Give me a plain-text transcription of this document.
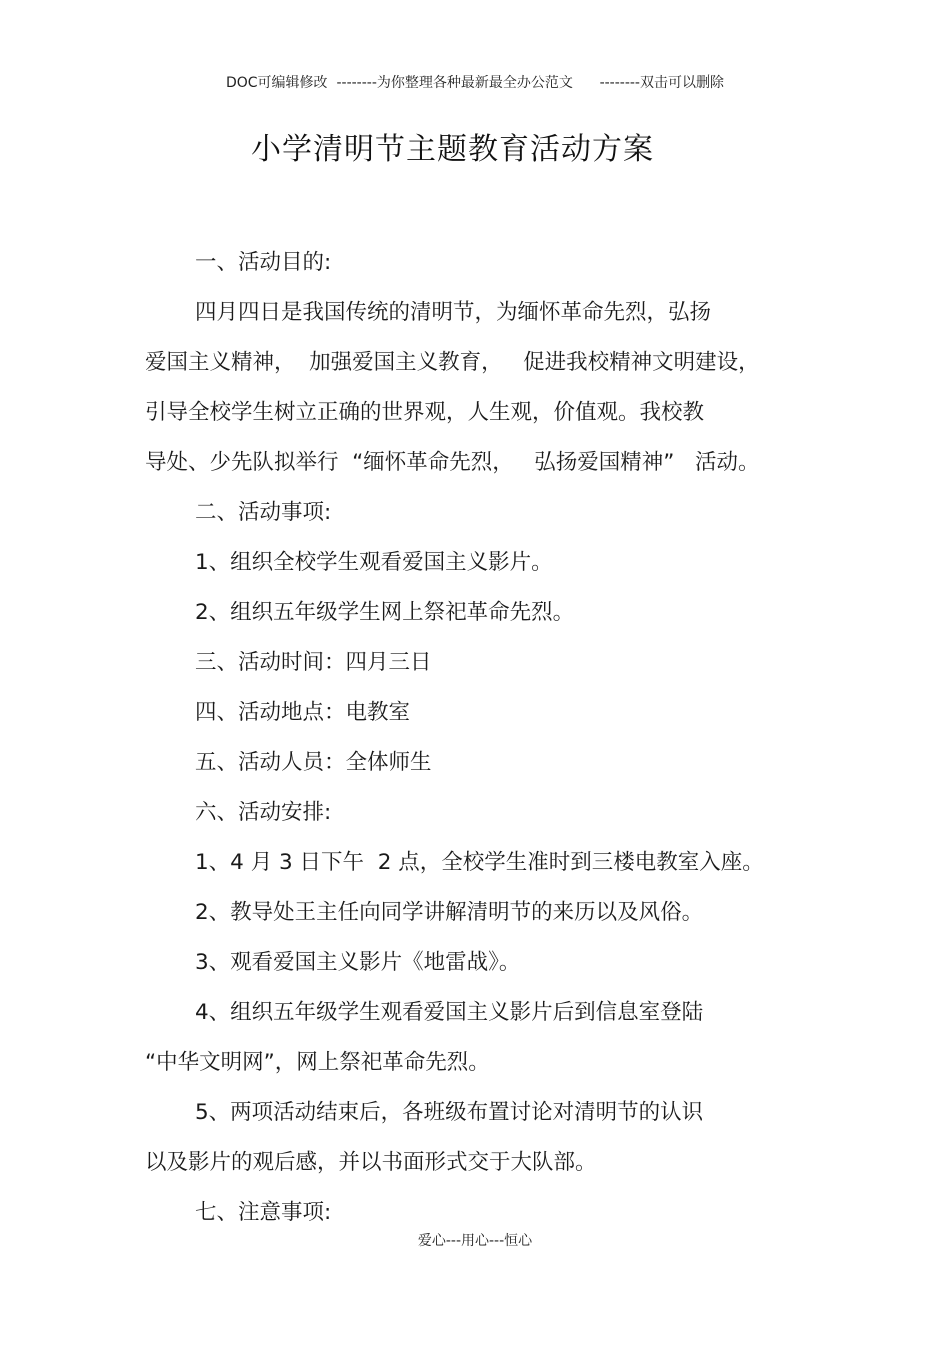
DOC可编辑修改  --------为你整理各种最新最全办公范文      --------双击可以删除
小学清明节主题教育活动方案
一、活动目的:
四月四日是我国传统的清明节，为缅怀革命先烈，弘扬
爱国主义精神，  加强爱国主义教育，   促进我校精神文明建设，
引导全校学生树立正确的世界观，人生观，价值观。我校教
导处、少先队拟举行  “缅怀革命先烈，   弘扬爱国精神”   活动。
二、活动事项:
1、组织全校学生观看爱国主义影片。
2、组织五年级学生网上祭祀革命先烈。
三、活动时间：四月三日
四、活动地点：电教室
五、活动人员：全体师生
六、活动安排:
1、4 月 3 日下午  2 点，全校学生准时到三楼电教室入座。
2、教导处王主任向同学讲解清明节的来历以及风俗。
3、观看爱国主义影片《地雷战》。
4、组织五年级学生观看爱国主义影片后到信息室登陆
“中华文明网”，网上祭祀革命先烈。
5、两项活动结束后，各班级布置讨论对清明节的认识
以及影片的观后感，并以书面形式交于大队部。
七、注意事项:
爱心---用心---恒心
